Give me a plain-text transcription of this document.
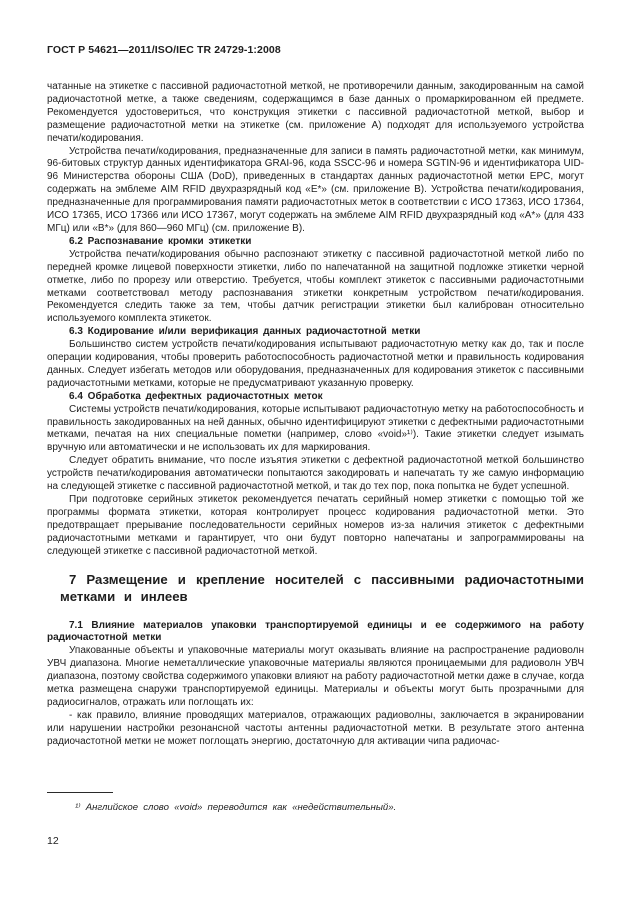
ГОСТ Р 54621—2011/ISO/IEC TR 24729-1:2008

чатанные на этикетке с пассивной радиочастотной меткой, не противоречили данным, закодированным на самой радиочастотной метке, а также сведениям, содержащимся в базе данных о промаркированном ей предмете. Рекомендуется удостовериться, что конструкция этикетки с пассивной радиочастотной меткой, выбор и размещение радиочастотной метки на этикетке (см. приложение А) подходят для используемого устройства печати/кодирования.

Устройства печати/кодирования, предназначенные для записи в память радиочастотной метки, как минимум, 96-битовых структур данных идентификатора GRAI-96, кода SSCC-96 и номера SGTIN-96 и идентификатора UID-96 Министерства обороны США (DoD), приведенных в стандартах данных радиочастотной метки EPC, могут содержать на эмблеме AIM RFID двухразрядный код «Е*» (см. приложение В). Устройства печати/кодирования, предназначенные для программирования памяти радиочастотных меток в соответствии с ИСО 17363, ИСО 17364, ИСО 17365, ИСО 17366 или ИСО 17367, могут содержать на эмблеме AIM RFID двухразрядный код «А*» (для 433 МГц) или «В*» (для 860—960 МГц) (см. приложение В).

6.2 Распознавание кромки этикетки

Устройства печати/кодирования обычно распознают этикетку с пассивной радиочастотной меткой либо по передней кромке лицевой поверхности этикетки, либо по напечатанной на защитной подложке этикетки черной отметке, либо по прорезу или отверстию. Требуется, чтобы комплект этикеток с пассивными радиочастотными метками соответствовал методу распознавания этикетки конкретным устройством печати/кодирования. Рекомендуется следить также за тем, чтобы датчик регистрации этикетки был калиброван относительно используемого комплекта этикеток.

6.3 Кодирование и/или верификация данных радиочастотной метки

Большинство систем устройств печати/кодирования испытывают радиочастотную метку как до, так и после операции кодирования, чтобы проверить работоспособность радиочастотной метки и правильность кодирования данных. Следует избегать методов или оборудования, предназначенных для кодирования этикеток с пассивными радиочастотными метками, которые не предусматривают указанную проверку.

6.4 Обработка дефектных радиочастотных меток

Системы устройств печати/кодирования, которые испытывают радиочастотную метку на работоспособность и правильность закодированных на ней данных, обычно идентифицируют этикетки с дефектными радиочастотными метками, печатая на них специальные пометки (например, слово «void»¹⁾). Такие этикетки следует изымать вручную или автоматически и не использовать их для маркирования.

Следует обратить внимание, что после изъятия этикетки с дефектной радиочастотной меткой большинство устройств печати/кодирования автоматически попытаются закодировать и напечатать ту же самую информацию на следующей этикетке с пассивной радиочастотной меткой, и так до тех пор, пока попытка не будет успешной.

При подготовке серийных этикеток рекомендуется печатать серийный номер этикетки с помощью той же программы формата этикетки, которая контролирует процесс кодирования радиочастотной метки. Это предотвращает прерывание последовательности серийных номеров из-за наличия этикеток с дефектными радиочастотными метками и гарантирует, что они будут повторно напечатаны и запрограммированы на следующей этикетке с пассивной радиочастотной меткой.

7 Размещение и крепление носителей с пассивными радиочастотными метками и инлеев

7.1 Влияние материалов упаковки транспортируемой единицы и ее содержимого на работу радиочастотной метки

Упакованные объекты и упаковочные материалы могут оказывать влияние на распространение радиоволн УВЧ диапазона. Многие неметаллические упаковочные материалы являются проницаемыми для радиоволн УВЧ диапазона, поэтому свойства содержимого упаковки влияют на работу радиочастотной метки даже в случае, когда метка размещена снаружи транспортируемой единицы. Материалы и объекты могут быть прозрачными для радиосигналов, отражать или поглощать их:

- как правило, влияние проводящих материалов, отражающих радиоволны, заключается в экранировании или нарушении настройки резонансной частоты антенны радиочастотной метки. В результате этого антенна радиочастотной метки не может поглощать энергию, достаточную для активации чипа радиочас-

¹⁾ Английское слово «void» переводится как «недействительный».

12
